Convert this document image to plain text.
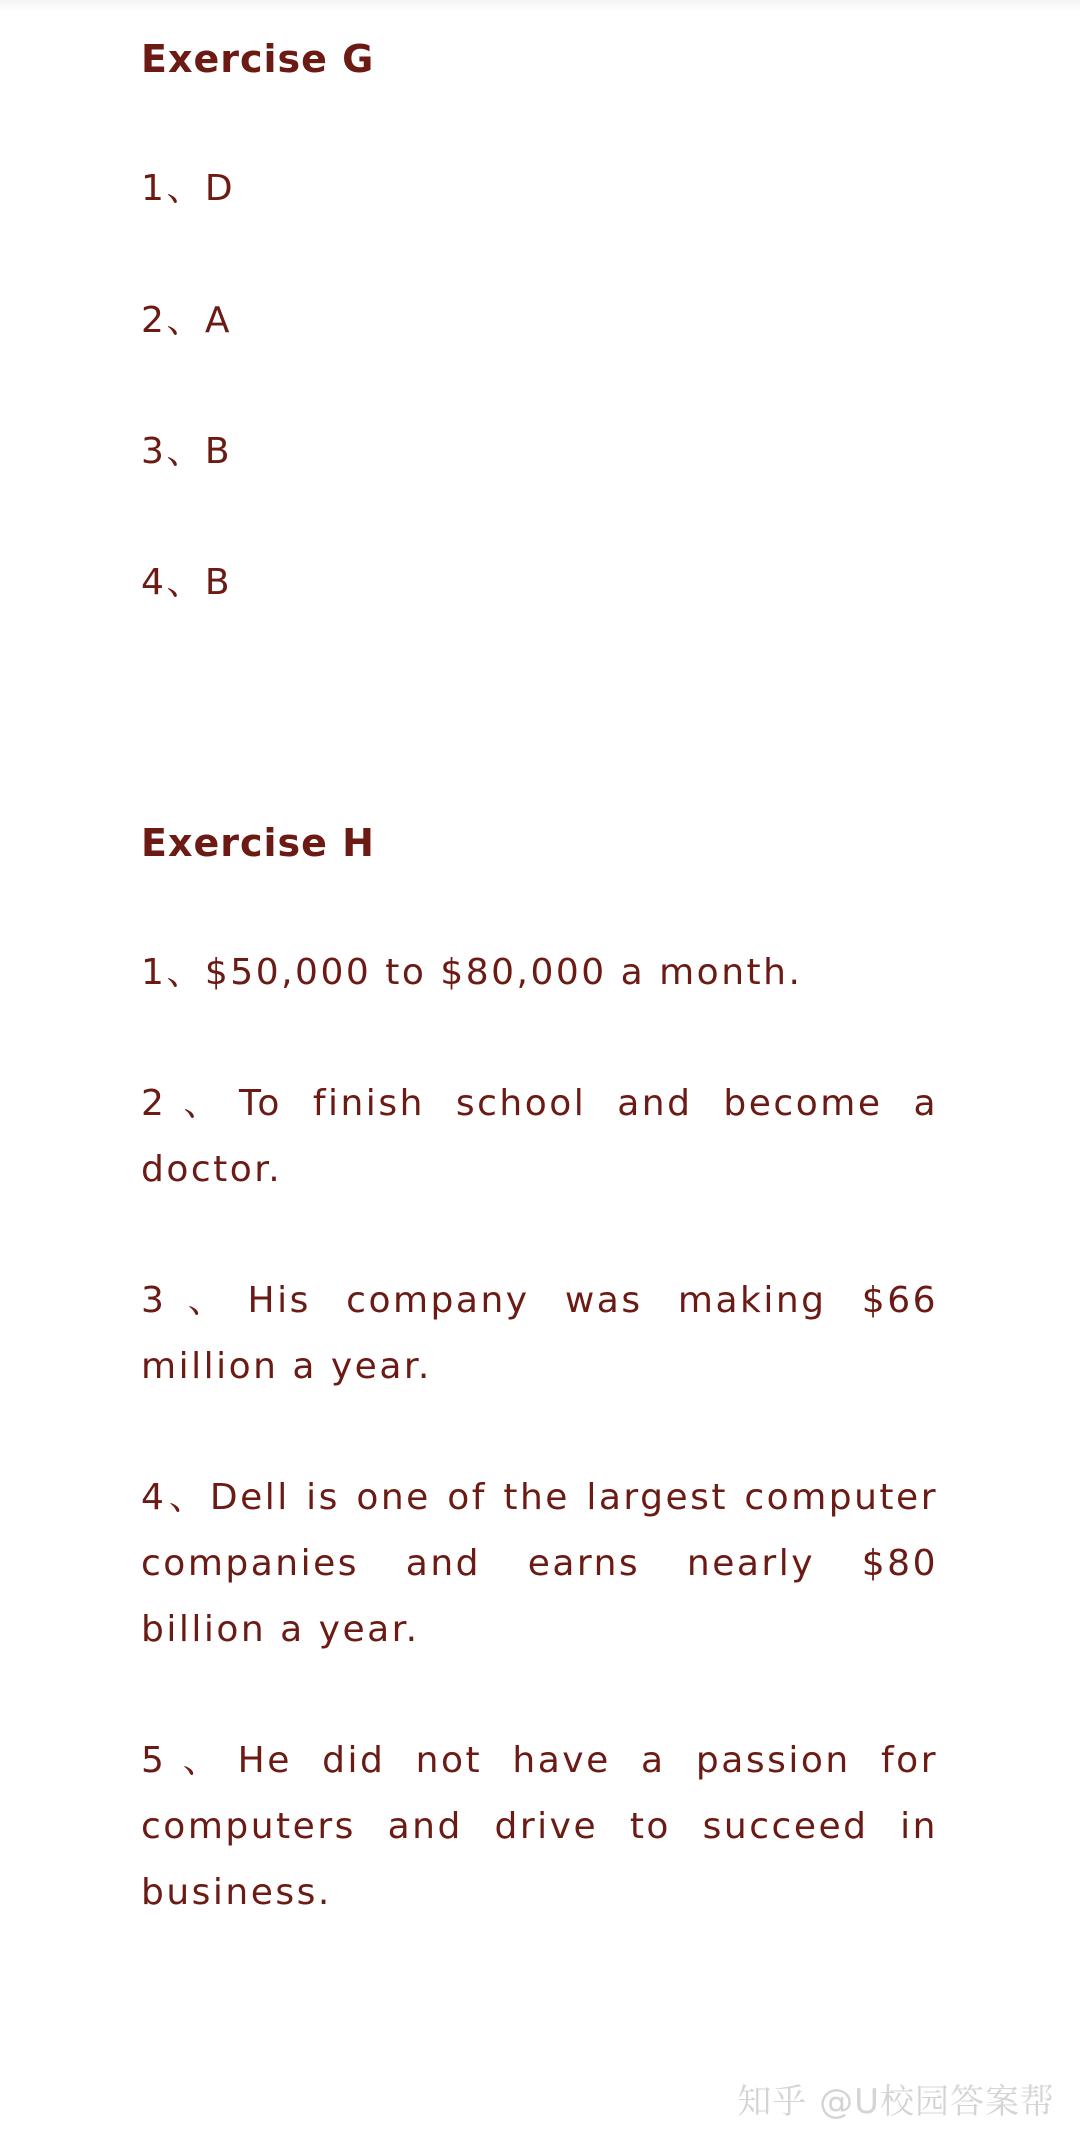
Exercise G

1、D

2、A

3、B

4、B

Exercise H

1、$50,000 to $80,000 a month.

2、To finish school and become a doctor.

3、His company was making $66 million a year.

4、Dell is one of the largest computer companies and earns nearly $80 billion a year.

5、He did not have a passion for computers and drive to succeed in business.

知乎 @U校园答案帮
